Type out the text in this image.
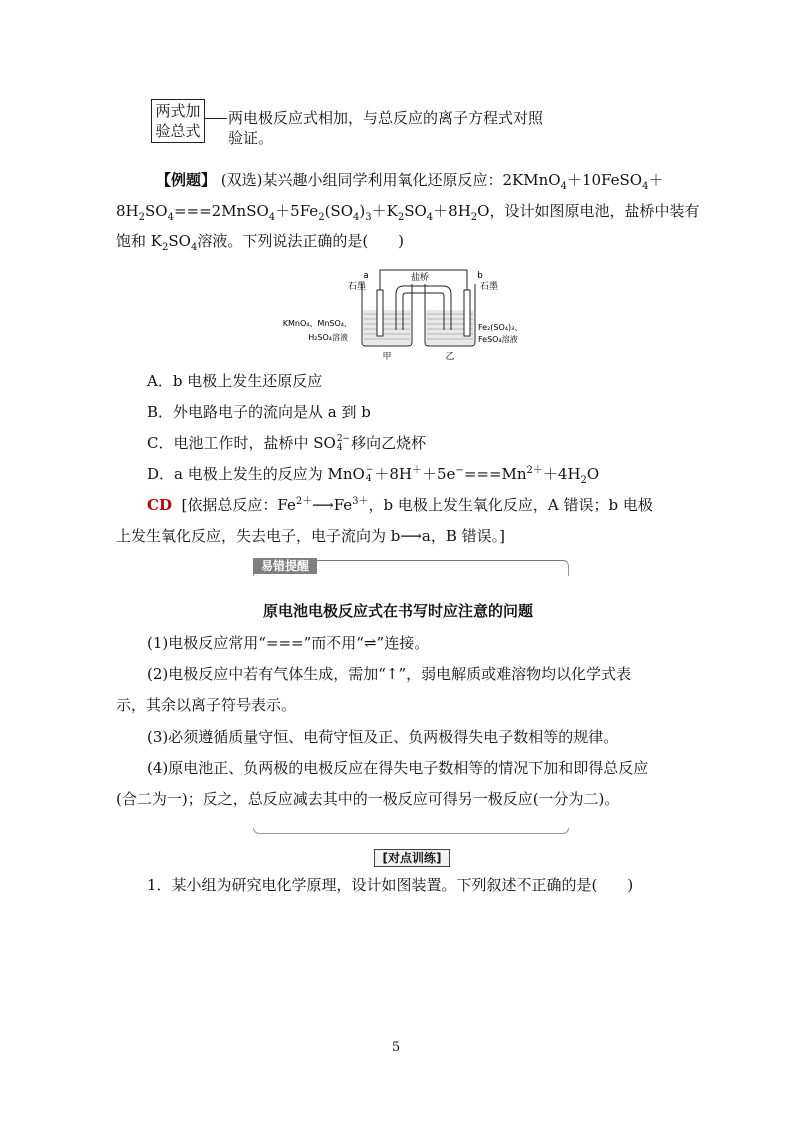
两式加
验总式
两电极反应式相加，与总反应的离子方程式对照
验证。
【例题】 (双选)某兴趣小组同学利用氧化还原反应：2KMnO$_4$＋10FeSO$_4$＋
$8H_2SO_4===2MnSO_4+5Fe_2(SO_4)_3+K_2SO_4+8H_2O$，设计如图原电池，盐桥中装有
饱和 $K_2SO_4$溶液。下列说法正确的是(　　)
盐桥
a
石墨
b
石墨
KMnO₄、MnSO₄、
H₂SO₄溶液
Fe₂(SO₄)₃、
FeSO₄溶液
甲	乙
A．b 电极上发生还原反应
B．外电路电子的流向是从 a 到 b
C．电池工作时，盐桥中 SO 2−
4 移向乙烧杯
D．a 电极上发生的反应为 MnO −
$4 +8H^++5e^-===Mn^{2+}+4H_2O$
CD [依据总反应：$Fe^{2+}⟶Fe^{3+}$，b 电极上发生氧化反应，A 错误；b 电极
上发生氧化反应，失去电子，电子流向为 b⟶a，B 错误。]
易错提醒
原电池电极反应式在书写时应注意的问题
(1)电极反应常用“===”而不用“⇌”连接。
(2)电极反应中若有气体生成，需加“↑”，弱电解质或难溶物均以化学式表
示，其余以离子符号表示。
(3)必须遵循质量守恒、电荷守恒及正、负两极得失电子数相等的规律。
(4)原电池正、负两极的电极反应在得失电子数相等的情况下加和即得总反应
(合二为一)；反之，总反应减去其中的一极反应可得另一极反应(一分为二)。
[对点训练]
1．某小组为研究电化学原理，设计如图装置。下列叙述不正确的是(　　)
5
